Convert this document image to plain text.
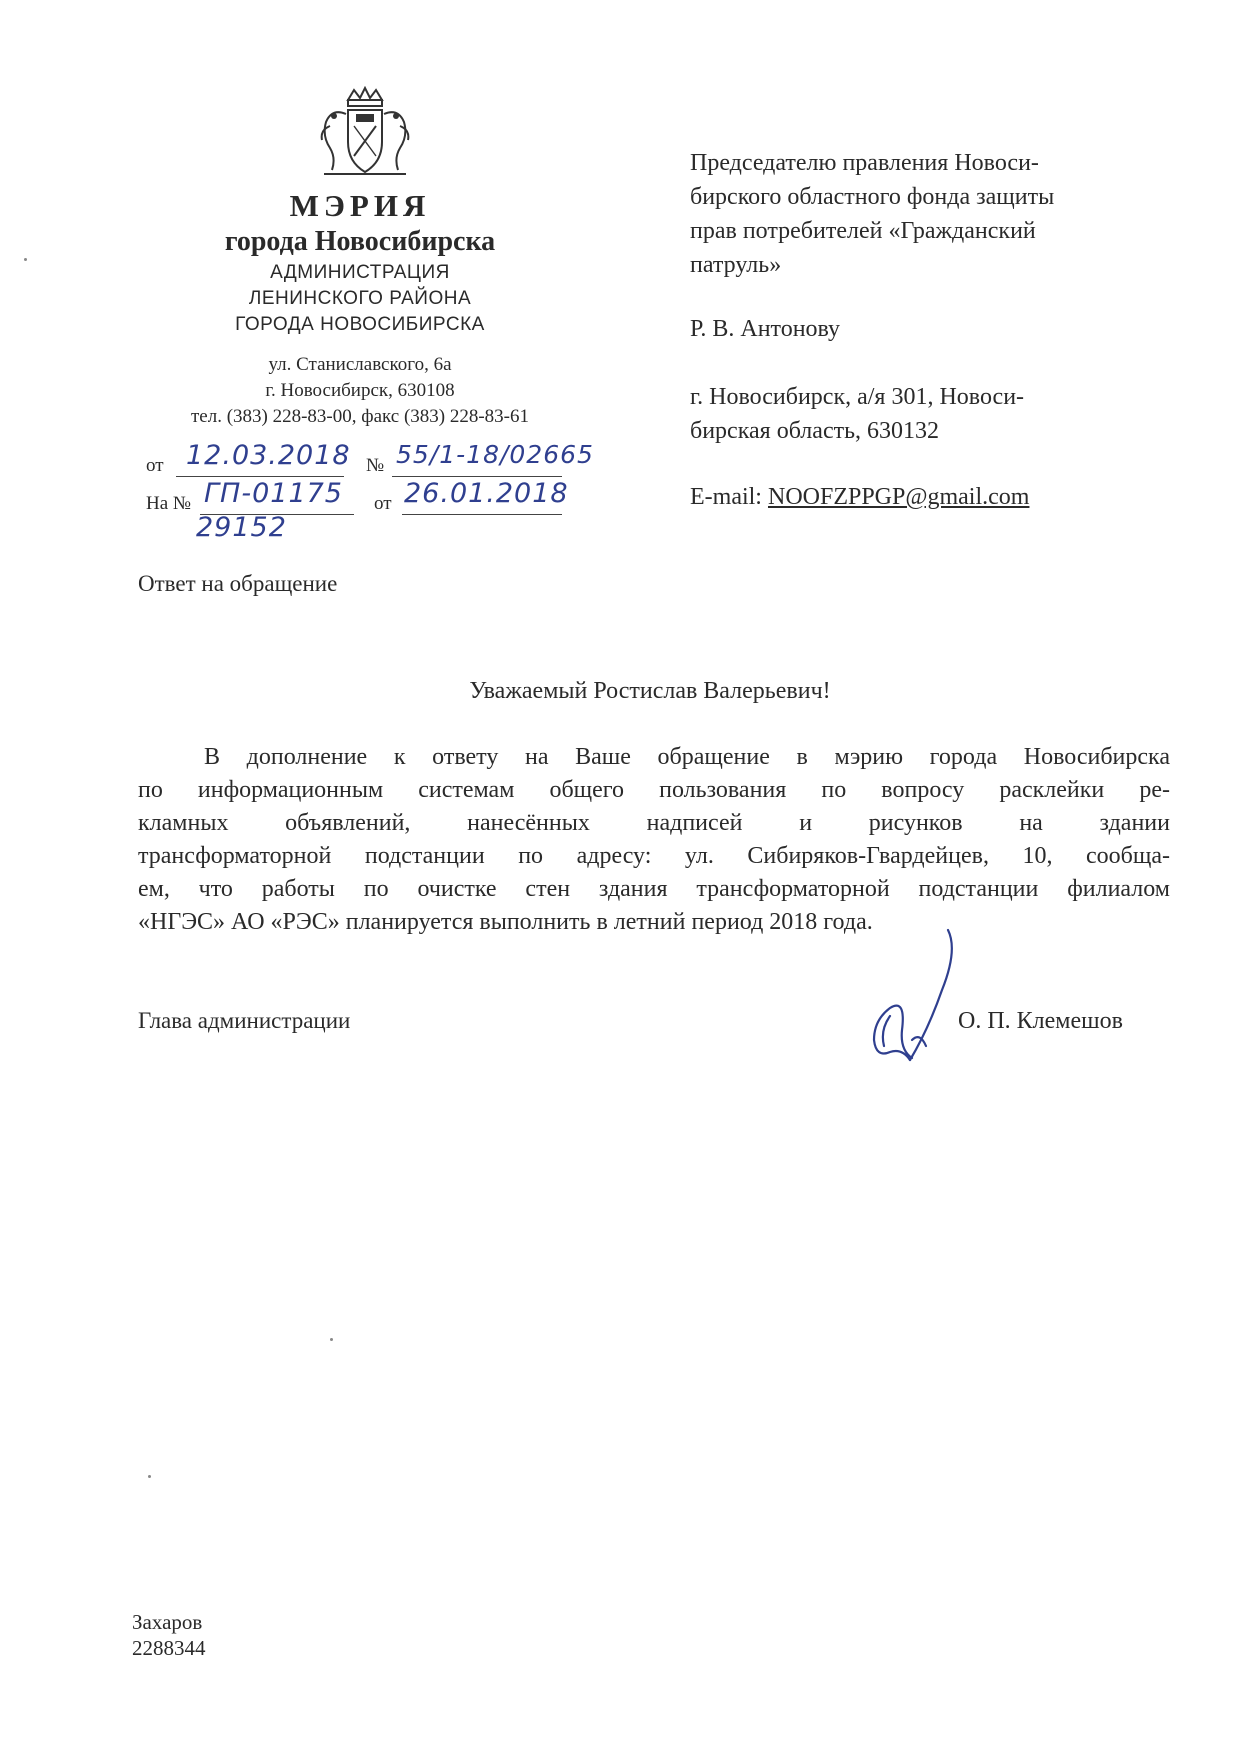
МЭРИЯ
города Новосибирска
АДМИНИСТРАЦИЯ
ЛЕНИНСКОГО РАЙОНА
ГОРОДА НОВОСИБИРСКА
ул. Станиславского, 6а
г. Новосибирск, 630108
тел. (383) 228-83-00, факс (383) 228-83-61
от 12.03.2018 № 55/1-18/02665
На № ГП-01175
29152
от 26.01.2018
Председателю правления Новоси-
бирского областного фонда защиты
прав потребителей «Гражданский
патруль»
Р. В. Антонову
г. Новосибирск, а/я 301, Новоси-
бирская область, 630132
E-mail: NOOFZPPGP@gmail.com
Ответ на обращение
Уважаемый Ростислав Валерьевич!
В дополнение к ответу на Ваше обращение в мэрию города Новосибирска
по информационным системам общего пользования по вопросу расклейки ре-
кламных объявлений, нанесённых надписей и рисунков на здании
трансформаторной подстанции по адресу: ул. Сибиряков-Гвардейцев, 10, сообща-
ем, что работы по очистке стен здания трансформаторной подстанции филиалом
«НГЭС» АО «РЭС» планируется выполнить в летний период 2018 года.
Глава администрации	О. П. Клемешов
Захаров
2288344
